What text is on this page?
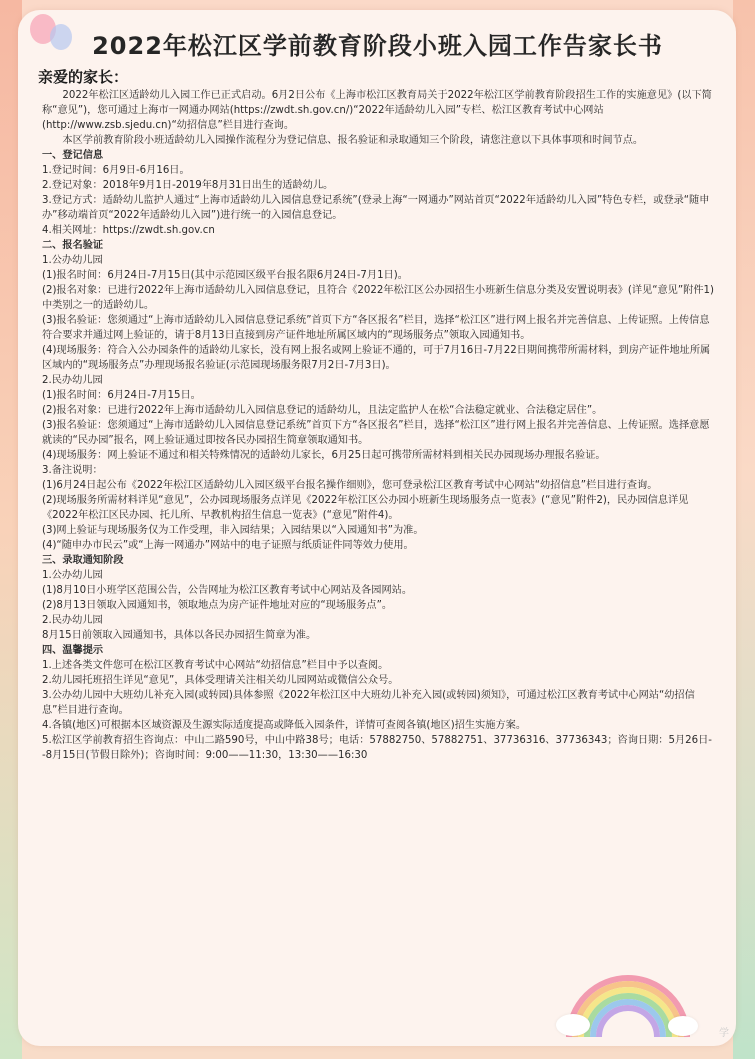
2022年松江区学前教育阶段小班入园工作告家长书
亲爱的家长：

2022年松江区适龄幼儿入园工作已正式启动。6月2日公布《上海市松江区教育局关于2022年松江区学前教育阶段招生工作的实施意见》(以下简称“意见”)，您可通过上海市一网通办网站(https://zwdt.sh.gov.cn/)“2022年适龄幼儿入园”专栏、松江区教育考试中心网站(http://www.zsb.sjedu.cn)“幼招信息”栏目进行查询。

本区学前教育阶段小班适龄幼儿入园操作流程分为登记信息、报名验证和录取通知三个阶段，请您注意以下具体事项和时间节点。

一、登记信息

1.登记时间：6月9日-6月16日。

2.登记对象：2018年9月1日-2019年8月31日出生的适龄幼儿。

3.登记方式：适龄幼儿监护人通过“上海市适龄幼儿入园信息登记系统”(登录上海“一网通办”网站首页“2022年适龄幼儿入园”特色专栏，或登录“随申办”移动端首页“2022年适龄幼儿入园”)进行统一的入园信息登记。

4.相关网址：https://zwdt.sh.gov.cn

二、报名验证

1.公办幼儿园

(1)报名时间：6月24日-7月15日(其中示范园区级平台报名限6月24日-7月1日)。

(2)报名对象：已进行2022年上海市适龄幼儿入园信息登记，且符合《2022年松江区公办园招生小班新生信息分类及安置说明表》(详见“意见”附件1)中类别之一的适龄幼儿。

(3)报名验证：您须通过“上海市适龄幼儿入园信息登记系统”首页下方“各区报名”栏目，选择“松江区”进行网上报名并完善信息、上传证照。上传信息符合要求并通过网上验证的，请于8月13日直接到房产证件地址所属区域内的“现场服务点”领取入园通知书。

(4)现场服务：符合入公办园条件的适龄幼儿家长，没有网上报名或网上验证不通的，可于7月16日-7月22日期间携带所需材料，到房产证件地址所属区域内的“现场服务点”办理现场报名验证(示范园现场服务限7月2日-7月3日)。

2.民办幼儿园

(1)报名时间：6月24日-7月15日。

(2)报名对象：已进行2022年上海市适龄幼儿入园信息登记的适龄幼儿，且法定监护人在松“合法稳定就业、合法稳定居住”。

(3)报名验证：您须通过“上海市适龄幼儿入园信息登记系统”首页下方“各区报名”栏目，选择“松江区”进行网上报名并完善信息、上传证照。选择意愿就读的“民办园”报名，网上验证通过即按各民办园招生简章领取通知书。

(4)现场服务：网上验证不通过和相关特殊情况的适龄幼儿家长，6月25日起可携带所需材料到相关民办园现场办理报名验证。

3.备注说明：

(1)6月24日起公布《2022年松江区适龄幼儿入园区级平台报名操作细则》，您可登录松江区教育考试中心网站“幼招信息”栏目进行查询。

(2)现场服务所需材料详见“意见”，公办园现场服务点详见《2022年松江区公办园小班新生现场服务点一览表》(“意见”附件2)，民办园信息详见《2022年松江区民办园、托儿所、早教机构招生信息一览表》(“意见”附件4)。

(3)网上验证与现场服务仅为工作受理，非入园结果；入园结果以“入园通知书”为准。

(4)“随申办市民云”或“上海一网通办”网站中的电子证照与纸质证件同等效力使用。

三、录取通知阶段

1.公办幼儿园

(1)8月10日小班学区范围公告，公告网址为松江区教育考试中心网站及各园网站。

(2)8月13日领取入园通知书，领取地点为房产证件地址对应的“现场服务点”。

2.民办幼儿园

8月15日前领取入园通知书，具体以各民办园招生简章为准。

四、温馨提示

1.上述各类文件您可在松江区教育考试中心网站“幼招信息”栏目中予以查阅。

2.幼儿园托班招生详见“意见”，具体受理请关注相关幼儿园网站或微信公众号。

3.公办幼儿园中大班幼儿补充入园(或转园)具体参照《2022年松江区中大班幼儿补充入园(或转园)须知》，可通过松江区教育考试中心网站“幼招信息”栏目进行查询。

4.各镇(地区)可根据本区域资源及生源实际适度提高或降低入园条件，详情可查阅各镇(地区)招生实施方案。

5.松江区学前教育招生咨询点：中山二路590号，中山中路38号；电话：57882750、57882751、37736316、37736343；咨询日期：5月26日--8月15日(节假日除外)；咨询时间：9:00——11:30，13:30——16:30

学
